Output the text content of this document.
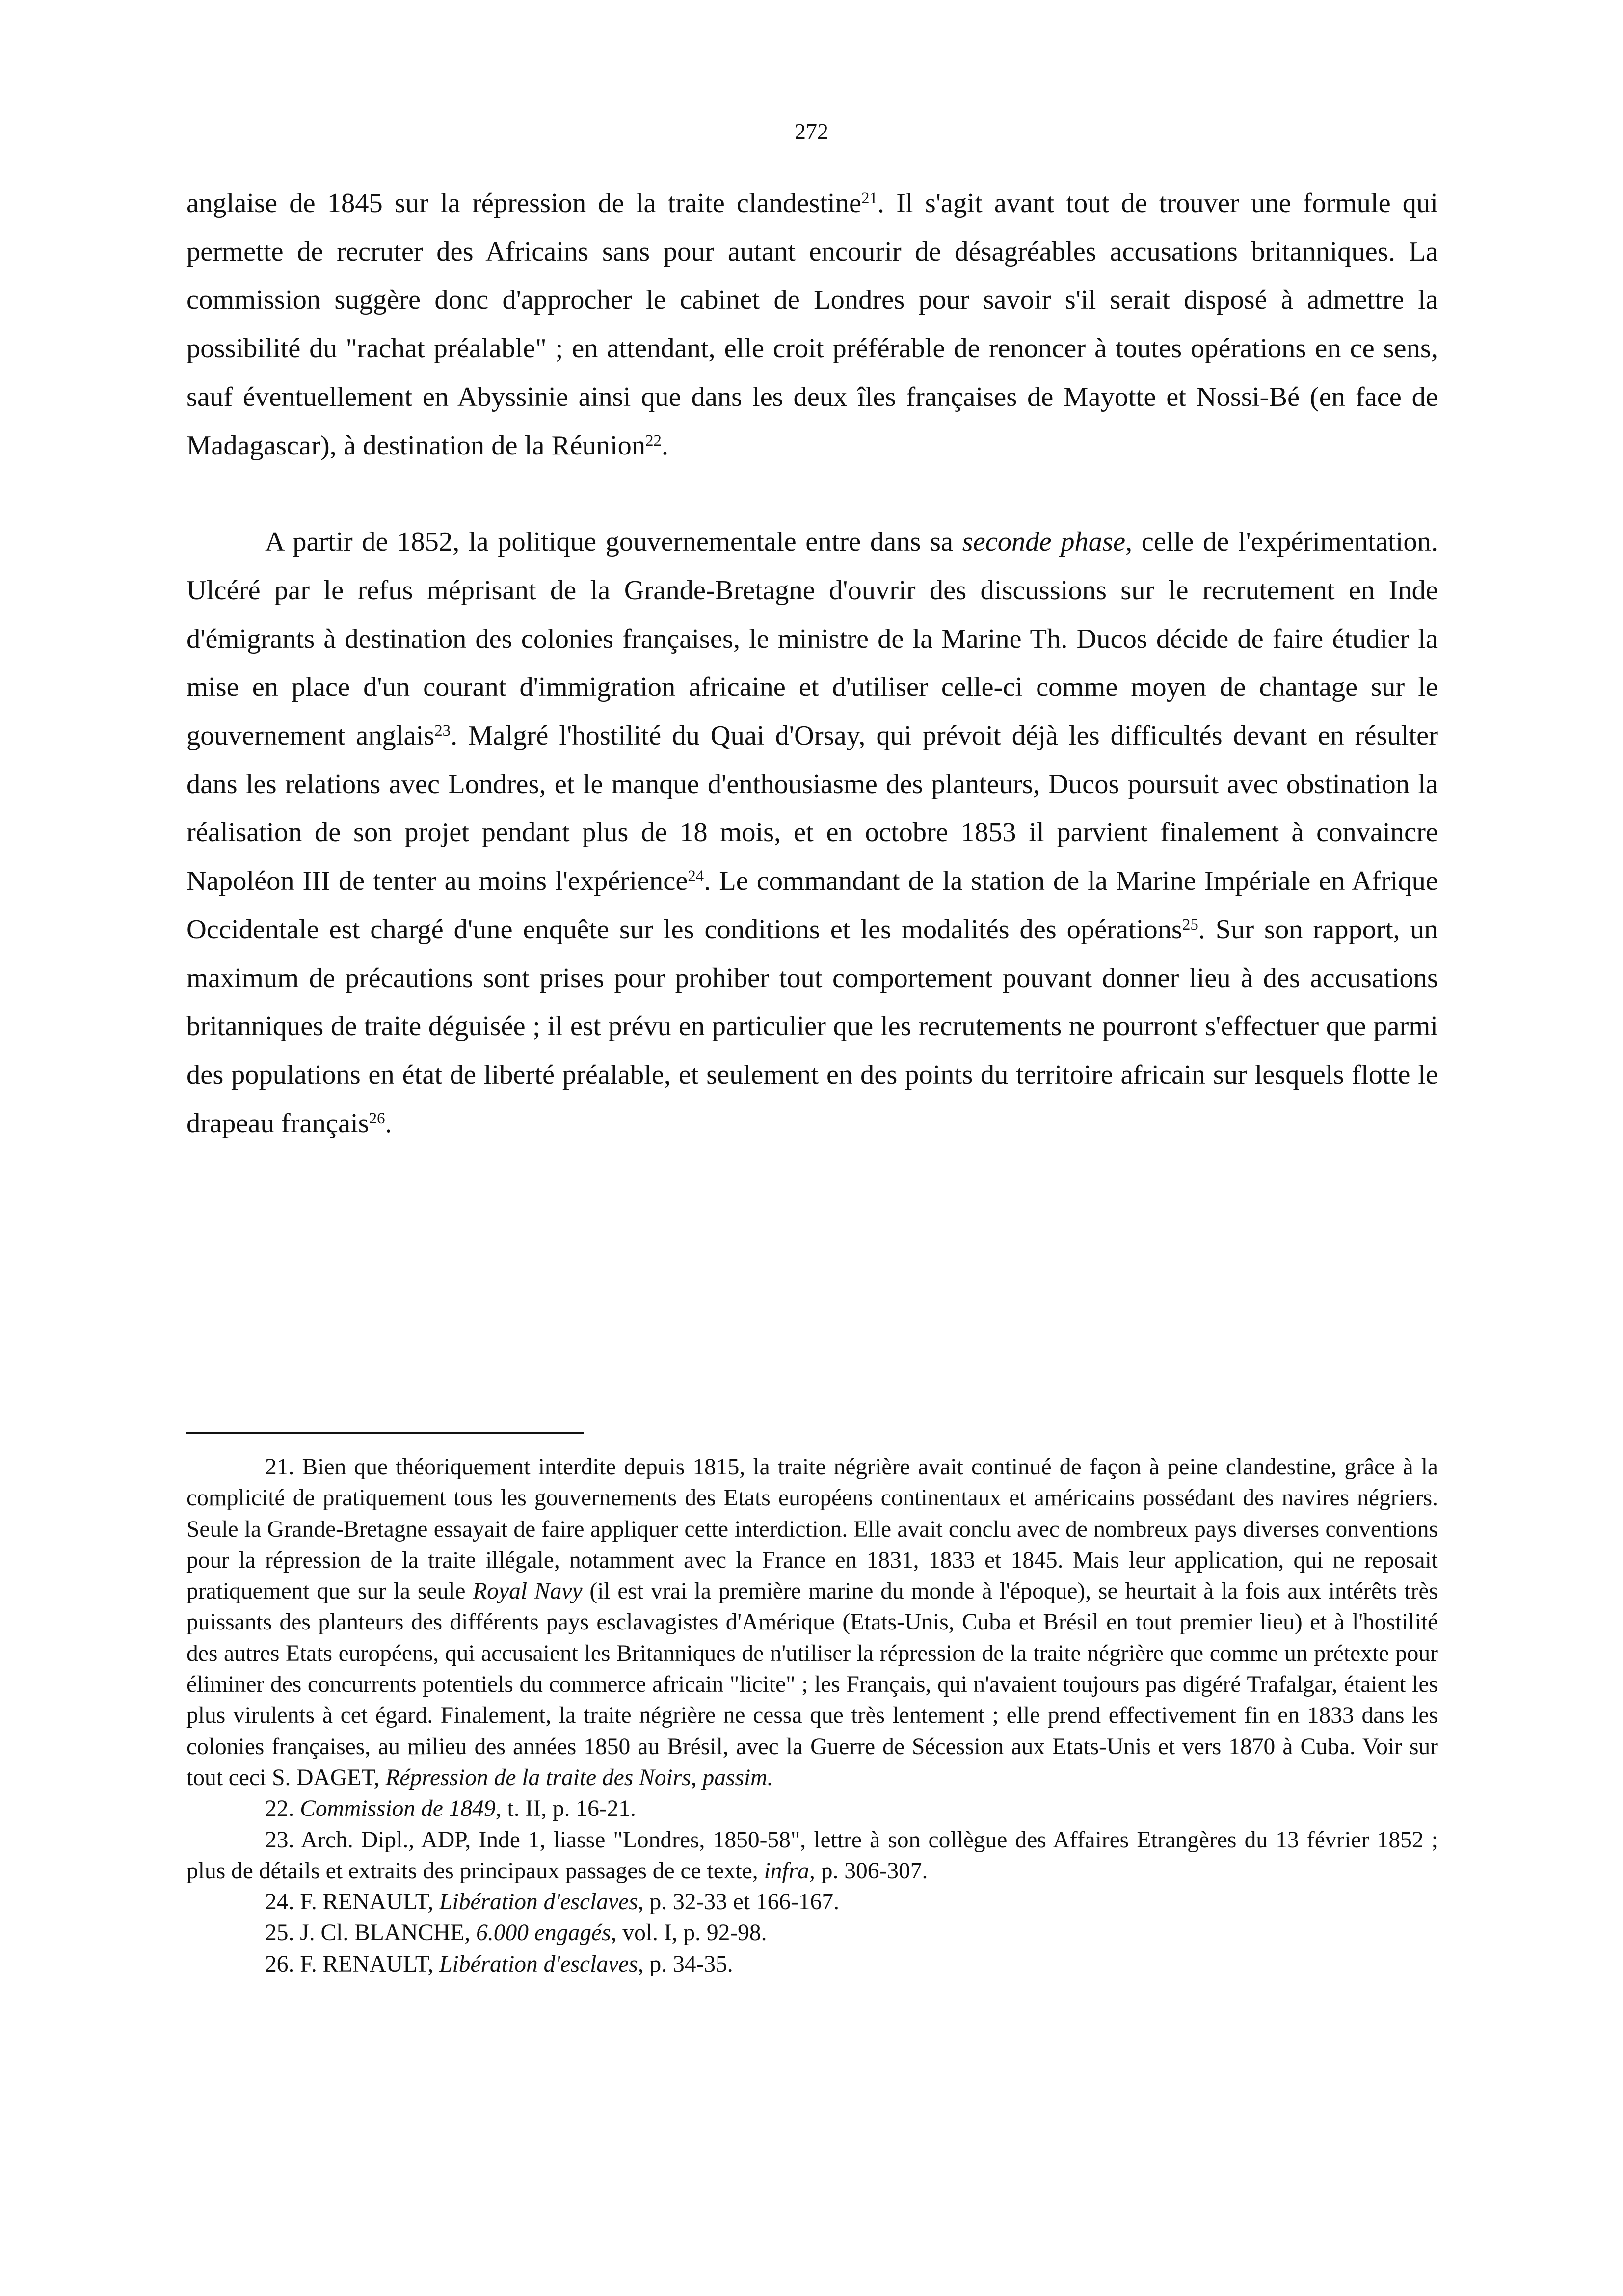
272

anglaise de 1845 sur la répression de la traite clandestine$^{21}$. Il s'agit avant tout de trouver une formule qui permette de recruter des Africains sans pour autant encourir de désagréables accusations britanniques. La commission suggère donc d'approcher le cabinet de Londres pour savoir s'il serait disposé à admettre la possibilité du "rachat préalable" ; en attendant, elle croit préférable de renoncer à toutes opérations en ce sens, sauf éventuellement en Abyssinie ainsi que dans les deux îles françaises de Mayotte et Nossi-Bé (en face de Madagascar), à destination de la Réunion$^{22}$.

A partir de 1852, la politique gouvernementale entre dans sa seconde phase, celle de l'expérimentation. Ulcéré par le refus méprisant de la Grande-Bretagne d'ouvrir des discussions sur le recrutement en Inde d'émigrants à destination des colonies françaises, le ministre de la Marine Th. Ducos décide de faire étudier la mise en place d'un courant d'immigration africaine et d'utiliser celle-ci comme moyen de chantage sur le gouvernement anglais$^{23}$. Malgré l'hostilité du Quai d'Orsay, qui prévoit déjà les difficultés devant en résulter dans les relations avec Londres, et le manque d'enthousiasme des planteurs, Ducos poursuit avec obstination la réalisation de son projet pendant plus de 18 mois, et en octobre 1853 il parvient finalement à convaincre Napoléon III de tenter au moins l'expérience$^{24}$. Le commandant de la station de la Marine Impériale en Afrique Occidentale est chargé d'une enquête sur les conditions et les modalités des opérations$^{25}$. Sur son rapport, un maximum de précautions sont prises pour prohiber tout comportement pouvant donner lieu à des accusations britanniques de traite déguisée ; il est prévu en particulier que les recrutements ne pourront s'effectuer que parmi des populations en état de liberté préalable, et seulement en des points du territoire africain sur lesquels flotte le drapeau français$^{26}$.

21. Bien que théoriquement interdite depuis 1815, la traite négrière avait continué de façon à peine clandestine, grâce à la complicité de pratiquement tous les gouvernements des Etats européens continentaux et américains possédant des navires négriers. Seule la Grande-Bretagne essayait de faire appliquer cette interdiction. Elle avait conclu avec de nombreux pays diverses conventions pour la répression de la traite illégale, notamment avec la France en 1831, 1833 et 1845. Mais leur application, qui ne reposait pratiquement que sur la seule Royal Navy (il est vrai la première marine du monde à l'époque), se heurtait à la fois aux intérêts très puissants des planteurs des différents pays esclavagistes d'Amérique (Etats-Unis, Cuba et Brésil en tout premier lieu) et à l'hostilité des autres Etats européens, qui accusaient les Britanniques de n'utiliser la répression de la traite négrière que comme un prétexte pour éliminer des concurrents potentiels du commerce africain "licite" ; les Français, qui n'avaient toujours pas digéré Trafalgar, étaient les plus virulents à cet égard. Finalement, la traite négrière ne cessa que très lentement ; elle prend effectivement fin en 1833 dans les colonies françaises, au milieu des années 1850 au Brésil, avec la Guerre de Sécession aux Etats-Unis et vers 1870 à Cuba. Voir sur tout ceci S. DAGET, Répression de la traite des Noirs, passim.

22. Commission de 1849, t. II, p. 16-21.

23. Arch. Dipl., ADP, Inde 1, liasse "Londres, 1850-58", lettre à son collègue des Affaires Etrangères du 13 février 1852 ; plus de détails et extraits des principaux passages de ce texte, infra, p. 306-307.

24. F. RENAULT, Libération d'esclaves, p. 32-33 et 166-167.

25. J. Cl. BLANCHE, 6.000 engagés, vol. I, p. 92-98.

26. F. RENAULT, Libération d'esclaves, p. 34-35.
